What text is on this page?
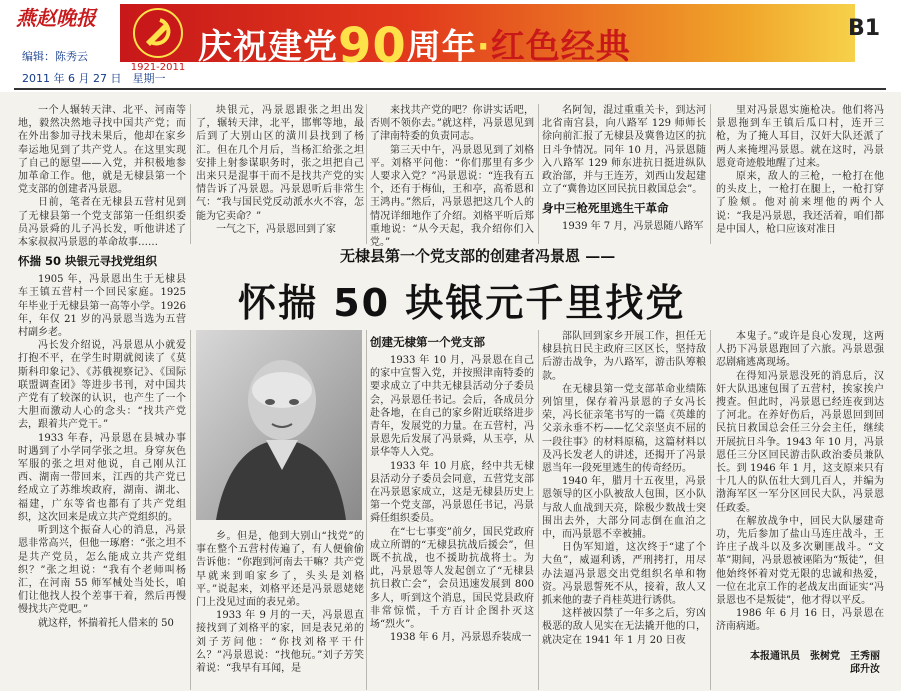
燕赵晚报
编辑：陈秀云
2011 年 6 月 27 日　星期一
1921-2011
庆祝建党90周年·红色经典	B1

一个人辗转天津、北平、河南等地，毅然决然地寻找中国共产党；而在外出参加寻找未果后，他却在家乡奉运地见到了共产党人。在这里实现了自己的愿望——入党，并积极地参加革命工作。他，就是无棣县第一个党支部的创建者冯景恩。

日前，笔者在无棣县五营村见到了无棣县第一个党支部第一任组织委员冯景舜的儿子冯长发，听他讲述了本家叔叔冯景恩的革命故事……

怀揣 50 块银元寻找党组织

1905 年，冯景恩出生于无棣县车王镇五营村一个回民家庭。1925 年毕业于无棣县第一高等小学。1926 年，年仅 21 岁的冯景恩当选为五营村副乡老。

冯长发介绍说，冯景恩从小就爱打抱不平，在学生时期就阅读了《莫斯科印象记》、《苏俄视察记》、《国际联盟调查团》等进步书刊，对中国共产党有了较深的认识，也产生了一个大胆而激动人心的念头：“找共产党去，跟着共产党干。”

1933 年春，冯景恩在县城办事时遇到了小学同学张之坦。身穿灰色军服的张之坦对他说，自己刚从江西、湖南一带回来，江西的共产党已经成立了苏维埃政府，湖南、湖北、福建，广东等省也都有了共产党组织，这次回来是成立共产党组织的。

听到这个振奋人心的消息，冯景恩非常高兴，但他一琢磨：“张之坦不是共产党员，怎么能成立共产党组织？”张之坦说：“我有个老师叫杨汇，在河南 55 师军械处当处长，咱们让他找人投个差事干着，然后再慢慢找共产党吧。”

就这样，怀揣着托人借来的 50

块银元，冯景恩跟张之坦出发了，辗转天津，北平，邯郸等地，最后到了大别山区的潢川县找到了杨汇。但在几个月后，当杨汇给张之坦安排上射参谋职务时，张之坦把自己出来只是混事干而不是找共产党的实情告诉了冯景恩。冯景恩听后非常生气：“我与国民党反动派水火不容，怎能为它卖命？”

一气之下，冯景恩回到了家

来找共产党的吧？你讲实话吧，否则不领你去。”就这样，冯景恩见到了津南特委的负责同志。

第三天中午，冯景恩见到了刘格平。刘格平问他：“你们那里有多少人要求入党？”冯景恩说：“连我有五个，还有于梅仙，王和亭，高希恩和王鸿冉。”然后，冯景恩把这几个人的情况详细地作了介绍。刘格平听后郑重地说：“从今天起，我介绍你们入党。”

名阿訇，混过重重关卡，到达河北省南宫县，向八路军 129 师师长徐向前汇报了无棣县及冀鲁边区的抗日斗争情况。同年 10 月，冯景恩随入八路军 129 师东进抗日挺进纵队政治部，并与王连芳，刘西山发起建立了“冀鲁边区回民抗日救国总会”。

身中三枪死里逃生干革命

1939 年 7 月，冯景恩随八路军

里对冯景恩实施枪决。他们将冯景恩拖到车王镇后瓜口村，连开三枪，为了掩人耳目，汉奸大队还派了两人来掩埋冯景恩。就在这时，冯景恩竟奇迹般地醒了过来。

原来，敌人的三枪，一枪打在他的头皮上，一枪打在腿上，一枪打穿了脸颊。他对前来埋他的两个人说：“我是冯景恩，我还活着，咱们都是中国人，枪口应该对准日

无棣县第一个党支部的创建者冯景恩 ——
怀揣 50 块银元千里找党

乡。但是，他到大别山“找党”的事在整个五营村传遍了，有人便偷偷告诉他：“你跑到河南去干嘛？共产党早就来到咱家乡了，头头是刘格平。”说起来，刘格平还是冯景恩姥姥门上没见过面的表兄弟。

1933 年 9 月的一天，冯景恩直接找到了刘格平的家，回是表兄弟的刘子芳问他：“你找刘格平干什么？”冯景恩说：“找他玩。”刘子芳笑着说：“我早有耳闻，是

创建无棣第一个党支部

1933 年 10 月，冯景恩在自己的家中宣誓入党，并按照津南特委的要求成立了中共无棣县活动分子委员会，冯景恩任书记。会后，各成员分赴各地，在自己的家乡附近联络进步青年，发展党的力量。在五营村，冯景恩先后发展了冯景舜，从玉亭，从景华等人入党。

1933 年 10 月底，经中共无棣县活动分子委员会同意，五营党支部在冯景恩家成立，这是无棣县历史上第一个党支部，冯景恩任书记，冯景舜任组织委员。

在“七七事变”前夕，国民党政府成立所谓的“无棣县抗战后援会”，但既不抗战，也不援助抗战将士。为此，冯景恩等人发起创立了“无棣县抗日救亡会”，会员迅速发展到 800 多人，听到这个消息，国民党县政府非常惊慌，千方百计企图扑灭这场“烈火”。

1938 年 6 月，冯景恩乔装成一

部队回到家乡开展工作，担任无棣县抗日民主政府三区区长，坚持敌后游击战争，为八路军，游击队筹粮款。

在无棣县第一党支部革命业绩陈列馆里，保存着冯景恩的子女冯长荣，冯长征亲笔书写的一篇《英雄的父亲永垂不朽——忆父亲坚贞不屈的一段往事》的材料原稿，这篇材料以及冯长发老人的讲述，还揭开了冯景恩当年一段死里逃生的传奇经历。

1940 年，腊月十五夜里，冯景恩领导的区小队被敌人包围，区小队与敌人血战到天亮，除极少数战士突围出去外，大部分同志倒在血泊之中，而冯景恩不幸被捕。

日伪军知道，这次终于“逮了个大鱼”，威逼利诱，严刑拷打，用尽办法逼冯景恩交出党组织名单和物资。冯景恩誓死不从，接着，敌人又抓来他的妻子肖桂英进行诱供。

这样被囚禁了一年多之后，穷凶极恶的敌人见实在无法撬开他的口，就决定在 1941 年 1 月 20 日夜

本鬼子。”或许是良心发现，这两人扔下冯景恩跑回了六旅。冯景恩强忍剧痛逃离现场。

在得知冯景恩没死的消息后，汉奸大队迅速包围了五营村，挨家挨户搜查。但此时，冯景恩已经连夜到达了河北。在养好伤后，冯景恩回到回民抗日救国总会任三分会主任，继续开展抗日斗争。1943 年 10 月，冯景恩任三分区回民游击队政治委员兼队长。到 1946 年 1 月，这支原来只有十几人的队伍壮大到几百人，并编为渤海军区一军分区回民大队，冯景恩任政委。

在解放战争中，回民大队屡建奇功，先后参加了盐山马连庄战斗，王许庄子战斗以及多次剿匪战斗。“文革”期间，冯景恩被诬陷为“叛徒”，但他始终怀着对党无限的忠诚和热爱，一位在北京工作的老战友出面证实“冯景恩也不是叛徒”，他才得以平反。

1986 年 6 月 16 日，冯景恩在济南病逝。

本报通讯员　张树党　王秀丽
邱升汝
